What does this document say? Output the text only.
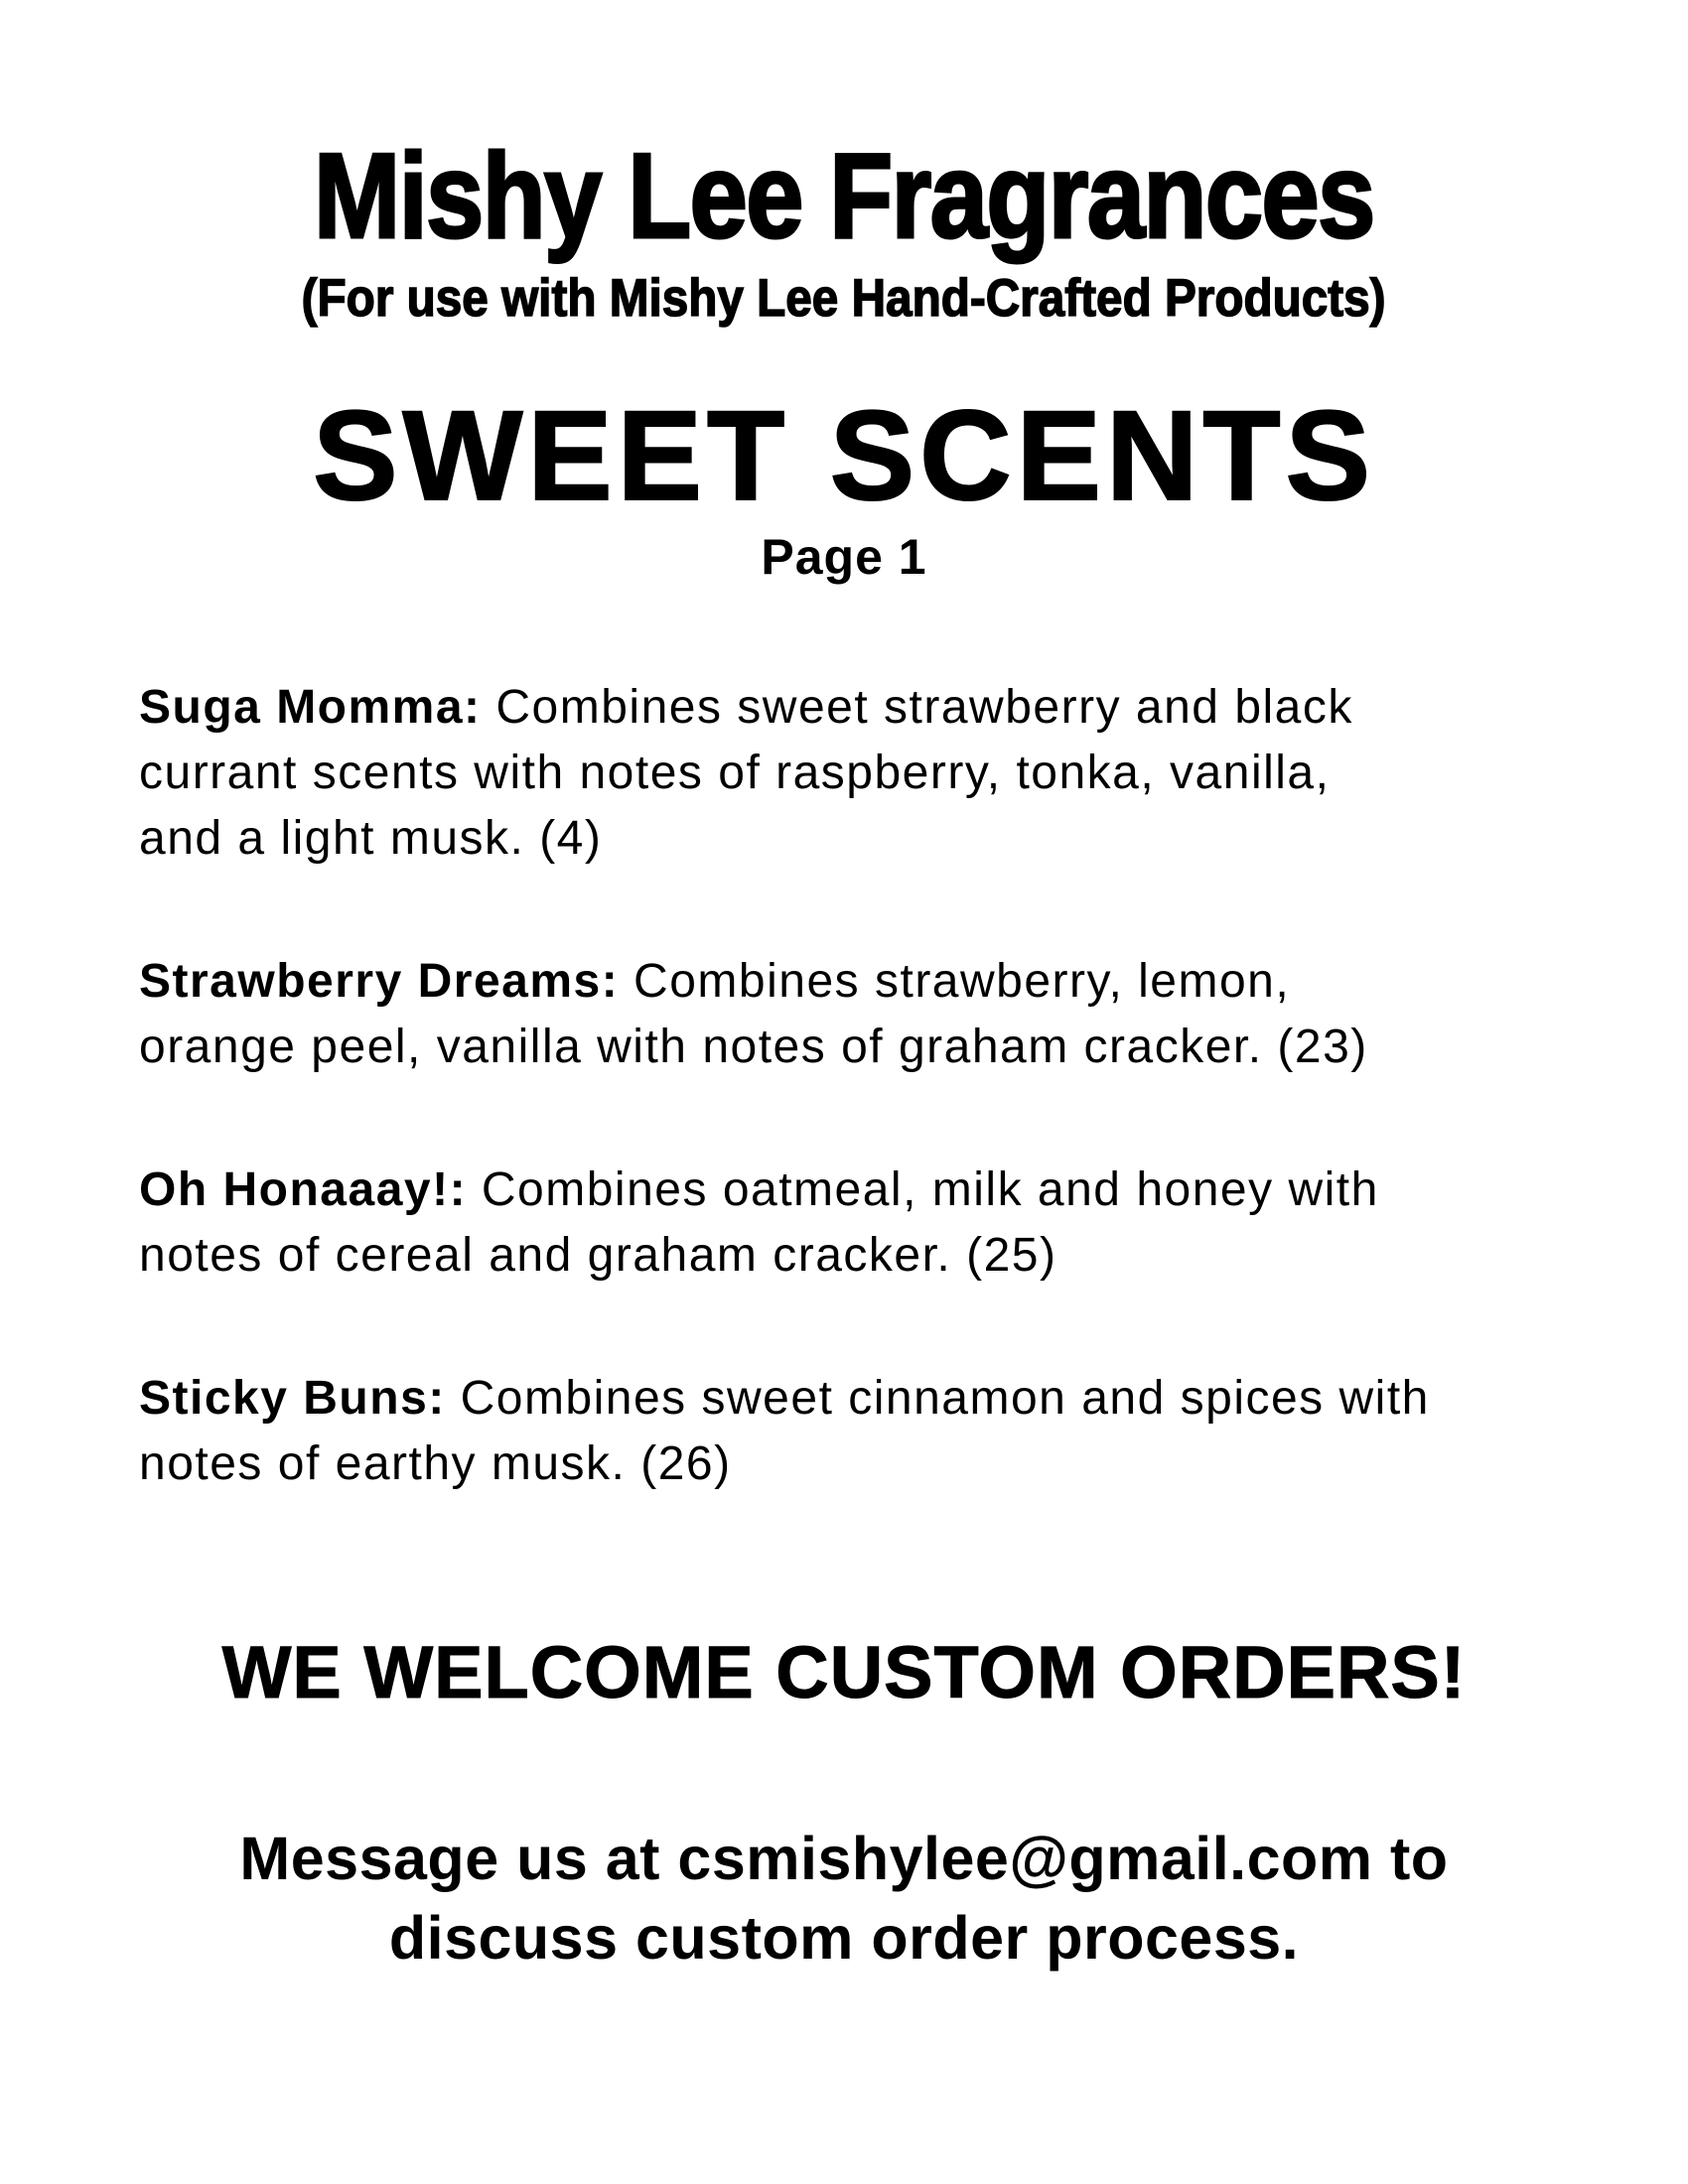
Mishy Lee Fragrances
(For use with Mishy Lee Hand-Crafted Products)
SWEET SCENTS
Page 1
Suga Momma: Combines sweet strawberry and black
currant scents with notes of raspberry, tonka, vanilla,
and a light musk. (4)
Strawberry Dreams: Combines strawberry, lemon,
orange peel, vanilla with notes of graham cracker. (23)
Oh Honaaay!: Combines oatmeal, milk and honey with
notes of cereal and graham cracker. (25)
Sticky Buns: Combines sweet cinnamon and spices with
notes of earthy musk. (26)
WE WELCOME CUSTOM ORDERS!
Message us at csmishylee@gmail.com to
discuss custom order process.
